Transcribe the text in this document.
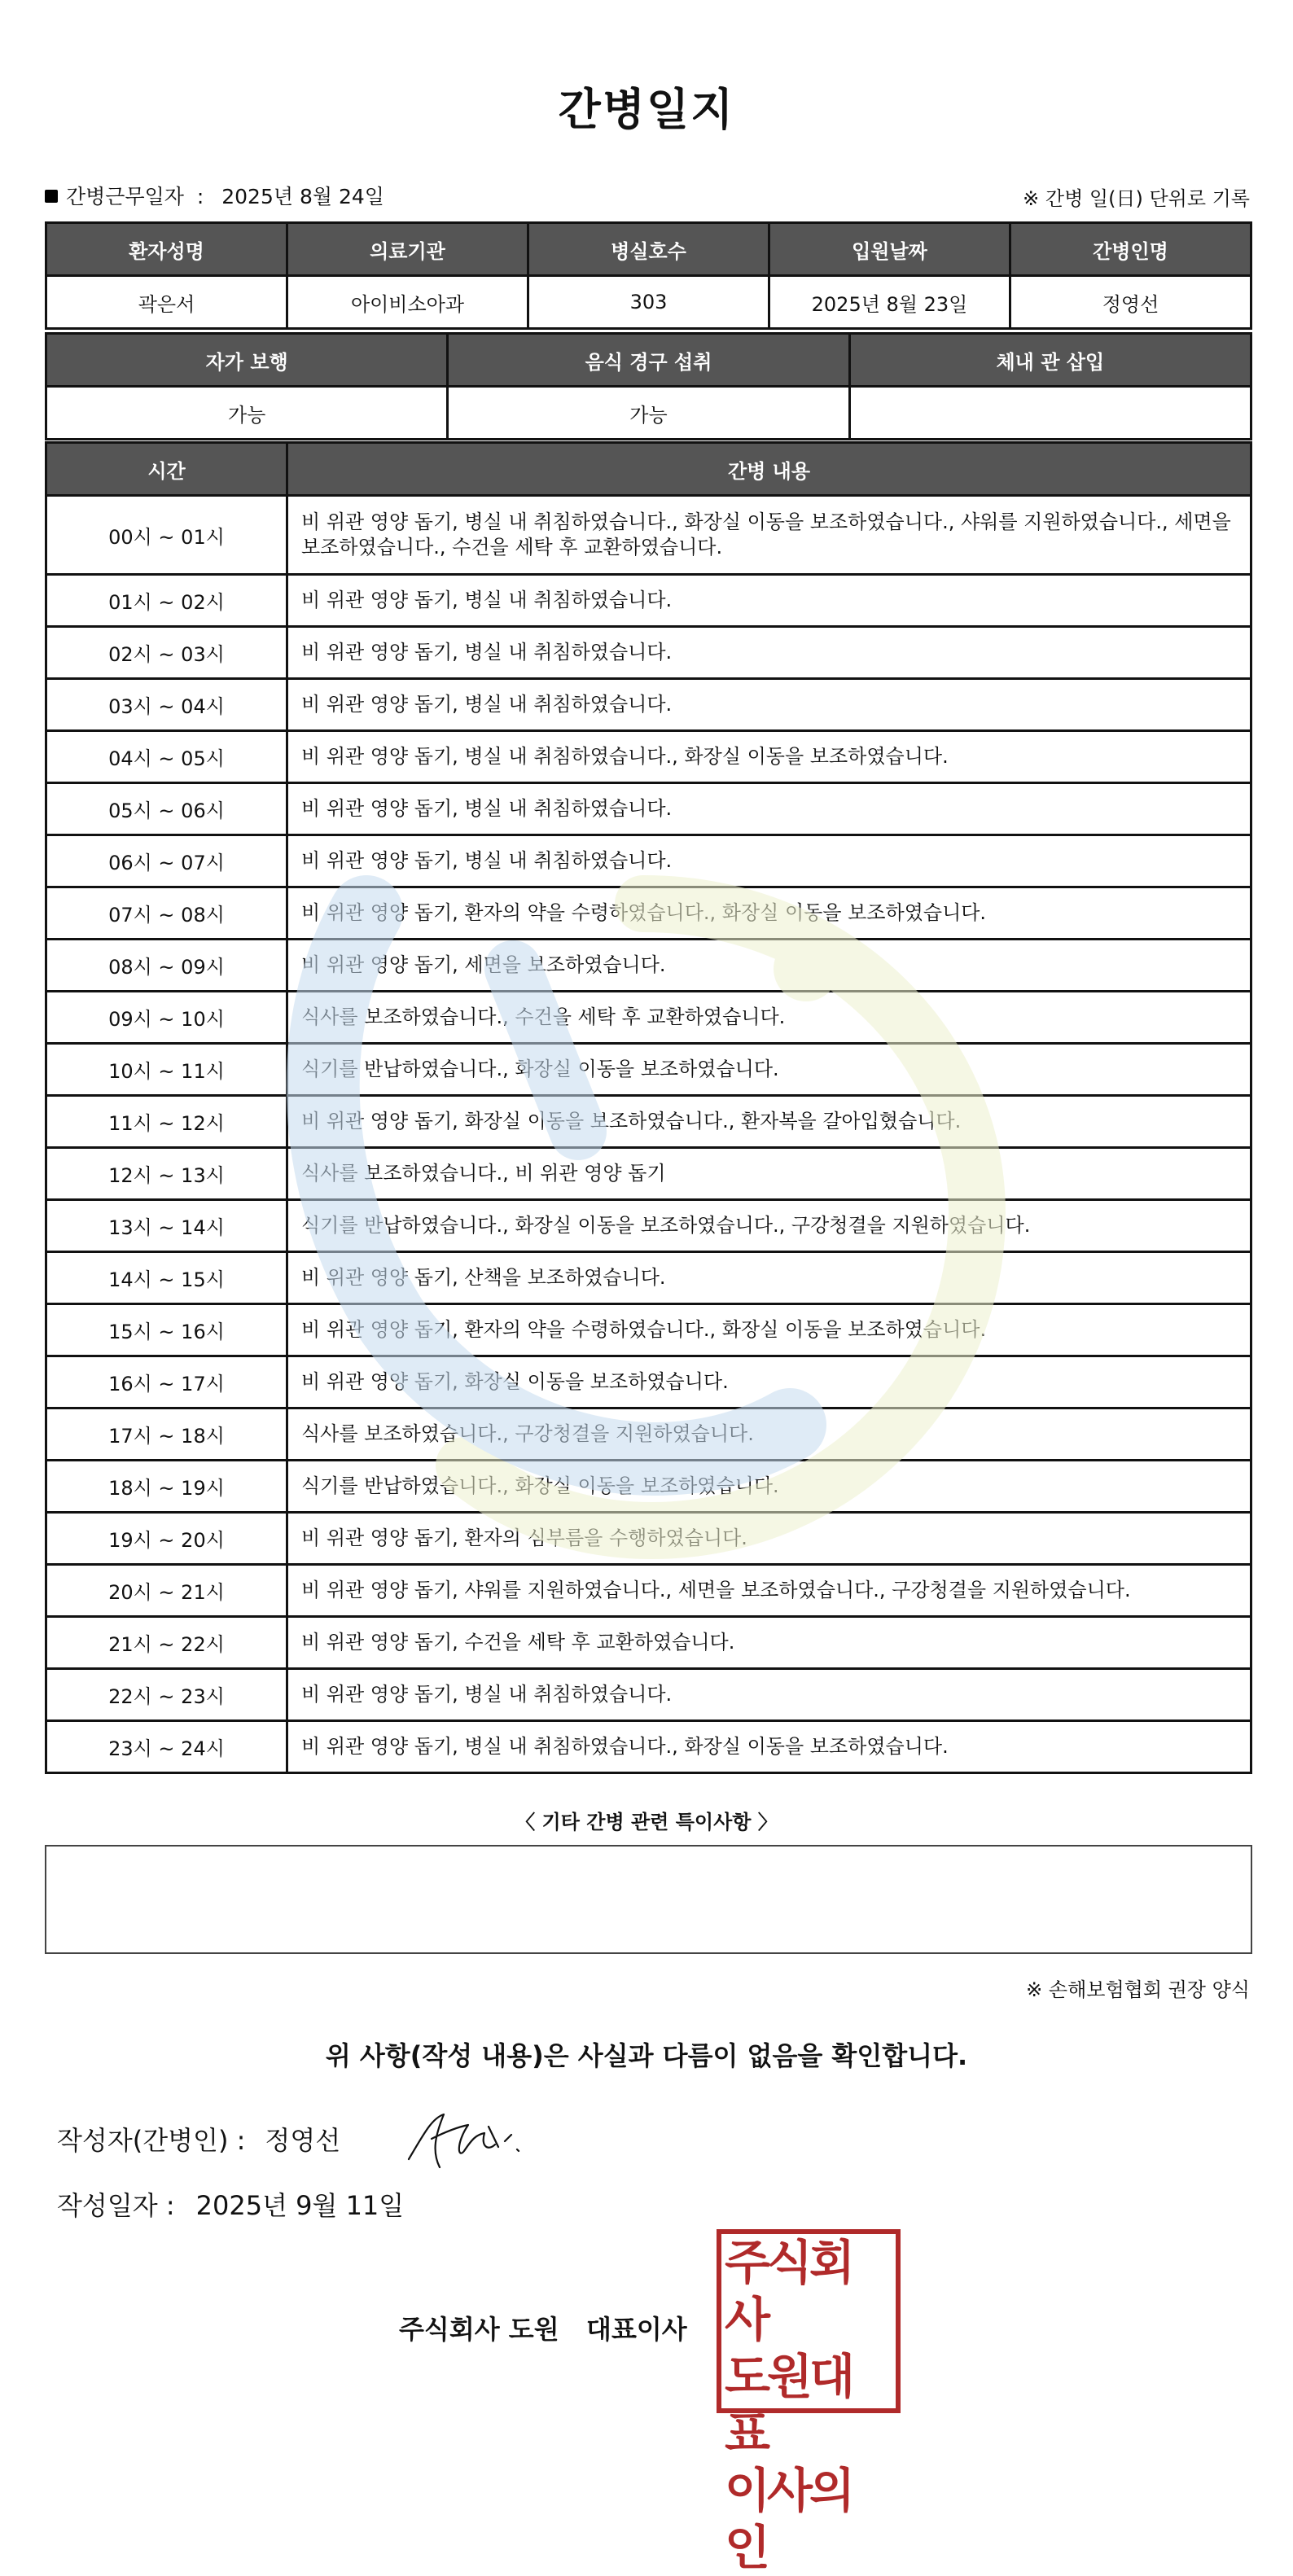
간병일지
간병근무일자 : 2025년 8월 24일	※ 간병 일(日) 단위로 기록
환자성명	의료기관	병실호수	입원날짜	간병인명
곽은서	아이비소아과	303	2025년 8월 23일	정영선
자가 보행	음식 경구 섭취	체내 관 삽입
가능	가능	
시간	간병 내용
00시 ~ 01시	비 위관 영양 돕기, 병실 내 취침하였습니다., 화장실 이동을 보조하였습니다., 샤워를 지원하였습니다., 세면을 보조하였습니다., 수건을 세탁 후 교환하였습니다.
01시 ~ 02시	비 위관 영양 돕기, 병실 내 취침하였습니다.
02시 ~ 03시	비 위관 영양 돕기, 병실 내 취침하였습니다.
03시 ~ 04시	비 위관 영양 돕기, 병실 내 취침하였습니다.
04시 ~ 05시	비 위관 영양 돕기, 병실 내 취침하였습니다., 화장실 이동을 보조하였습니다.
05시 ~ 06시	비 위관 영양 돕기, 병실 내 취침하였습니다.
06시 ~ 07시	비 위관 영양 돕기, 병실 내 취침하였습니다.
07시 ~ 08시	비 위관 영양 돕기, 환자의 약을 수령하였습니다., 화장실 이동을 보조하였습니다.
08시 ~ 09시	비 위관 영양 돕기, 세면을 보조하였습니다.
09시 ~ 10시	식사를 보조하였습니다., 수건을 세탁 후 교환하였습니다.
10시 ~ 11시	식기를 반납하였습니다., 화장실 이동을 보조하였습니다.
11시 ~ 12시	비 위관 영양 돕기, 화장실 이동을 보조하였습니다., 환자복을 갈아입혔습니다.
12시 ~ 13시	식사를 보조하였습니다., 비 위관 영양 돕기
13시 ~ 14시	식기를 반납하였습니다., 화장실 이동을 보조하였습니다., 구강청결을 지원하였습니다.
14시 ~ 15시	비 위관 영양 돕기, 산책을 보조하였습니다.
15시 ~ 16시	비 위관 영양 돕기, 환자의 약을 수령하였습니다., 화장실 이동을 보조하였습니다.
16시 ~ 17시	비 위관 영양 돕기, 화장실 이동을 보조하였습니다.
17시 ~ 18시	식사를 보조하였습니다., 구강청결을 지원하였습니다.
18시 ~ 19시	식기를 반납하였습니다., 화장실 이동을 보조하였습니다.
19시 ~ 20시	비 위관 영양 돕기, 환자의 심부름을 수행하였습니다.
20시 ~ 21시	비 위관 영양 돕기, 샤워를 지원하였습니다., 세면을 보조하였습니다., 구강청결을 지원하였습니다.
21시 ~ 22시	비 위관 영양 돕기, 수건을 세탁 후 교환하였습니다.
22시 ~ 23시	비 위관 영양 돕기, 병실 내 취침하였습니다.
23시 ~ 24시	비 위관 영양 돕기, 병실 내 취침하였습니다., 화장실 이동을 보조하였습니다.
〈 기타 간병 관련 특이사항 〉
※ 손해보험협회 권장 양식
위 사항(작성 내용)은 사실과 다름이 없음을 확인합니다.
작성자(간병인) : 정영선
작성일자 : 2025년 9월 11일
주식회사 도원   대표이사
주식회사
도원대표
이사의인
